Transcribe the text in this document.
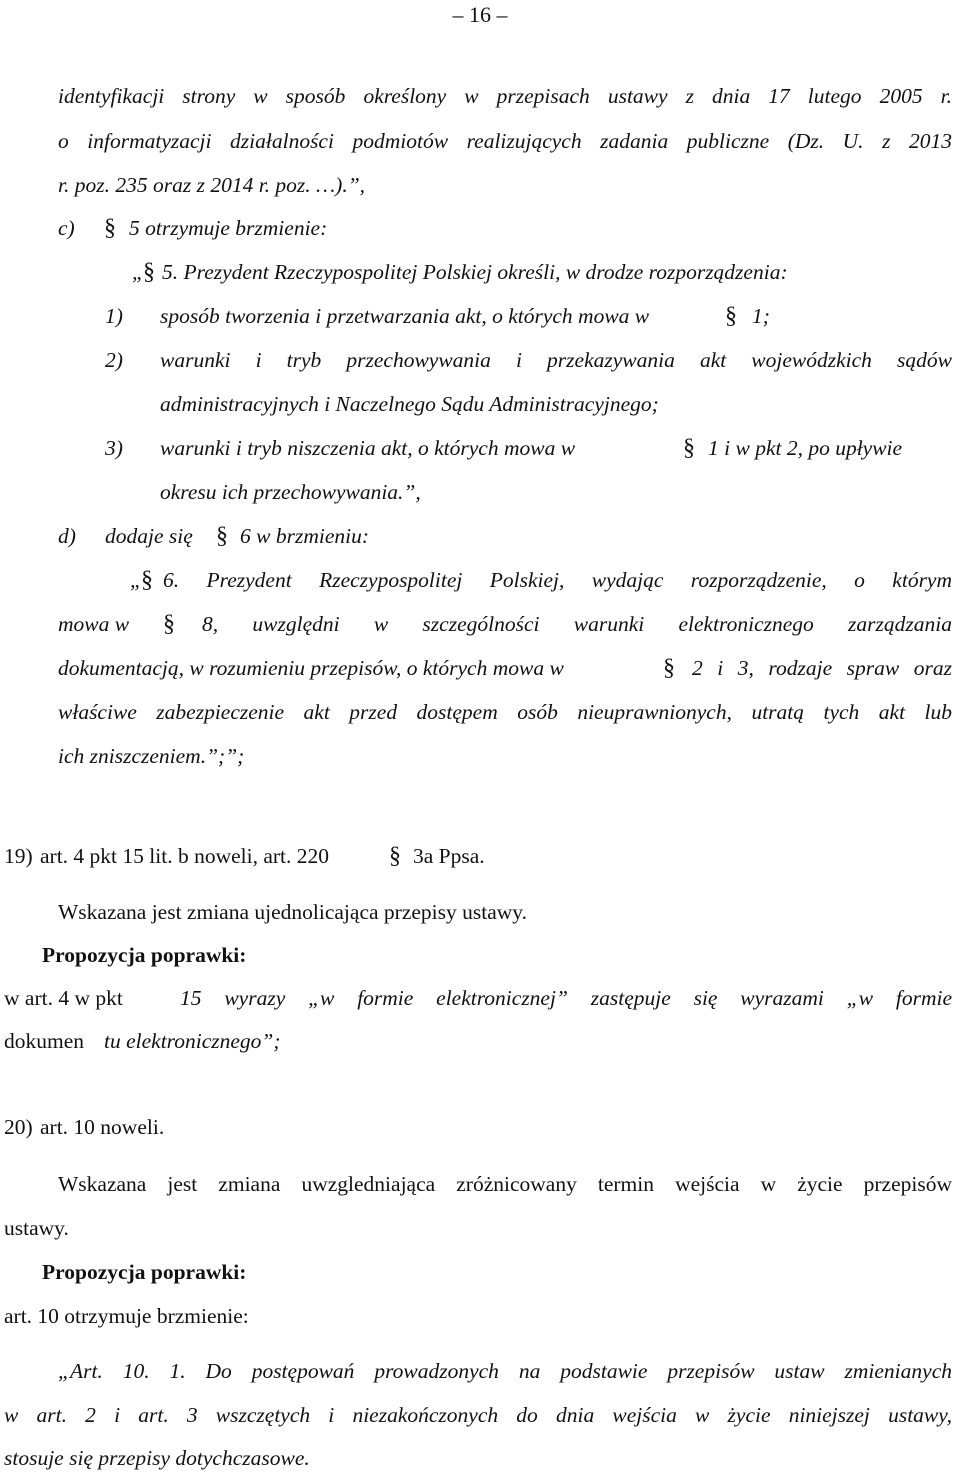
– 16 –
identyfikacji strony w sposób określony w przepisach ustawy z dnia 17 lutego 2005 r.
o informatyzacji działalności podmiotów realizujących zadania publiczne (Dz. U. z 2013
r. poz. 235 oraz z 2014 r. poz. …).”,
c) § 5 otrzymuje brzmienie:
„ § 5. Prezydent Rzeczypospolitej Polskiej określi, w drodze rozporządzenia:
1) sposób tworzenia i przetwarzania akt, o których mowa w	§ 1;
2) warunki i tryb przechowywania i przekazywania akt wojewódzkich sądów
administracyjnych i Naczelnego Sądu Administracyjnego;
3) warunki i tryb niszczenia akt, o których mowa w	§ 1 i w pkt 2, po upływie
okresu ich przechowywania.”,
d) dodaje się § 6 w brzmieniu:
„ § 6. Prezydent Rzeczypospolitej Polskiej, wydając rozporządzenie, o którym
mowa w § 8, uwzględni w szczególności warunki elektronicznego zarządzania
dokumentacją, w rozumieniu przepisów, o których mowa w	§ 2 i 3, rodzaje spraw oraz
właściwe zabezpieczenie akt przed dostępem osób nieuprawnionych, utratą tych akt lub
ich zniszczeniem.”;”;
19) art. 4 pkt 15 lit. b noweli, art. 220 § 3a Ppsa.
Wskazana jest zmiana ujednolicająca przepisy ustawy.
Propozycja poprawki:
w art. 4 w pkt	15 wyrazy „w formie elektronicznej” zastępuje się wyrazami „w formie
dokumen tu elektronicznego”;
20) art. 10 noweli.
Wskazana jest zmiana uwzgledniająca zróżnicowany termin wejścia w życie przepisów
ustawy.
Propozycja poprawki:
art. 10 otrzymuje brzmienie:
„Art. 10. 1. Do postępowań prowadzonych na podstawie przepisów ustaw zmienianych
w art. 2 i art. 3 wszczętych i niezakończonych do dnia wejścia w życie niniejszej ustawy,
stosuje się przepisy dotychczasowe.
